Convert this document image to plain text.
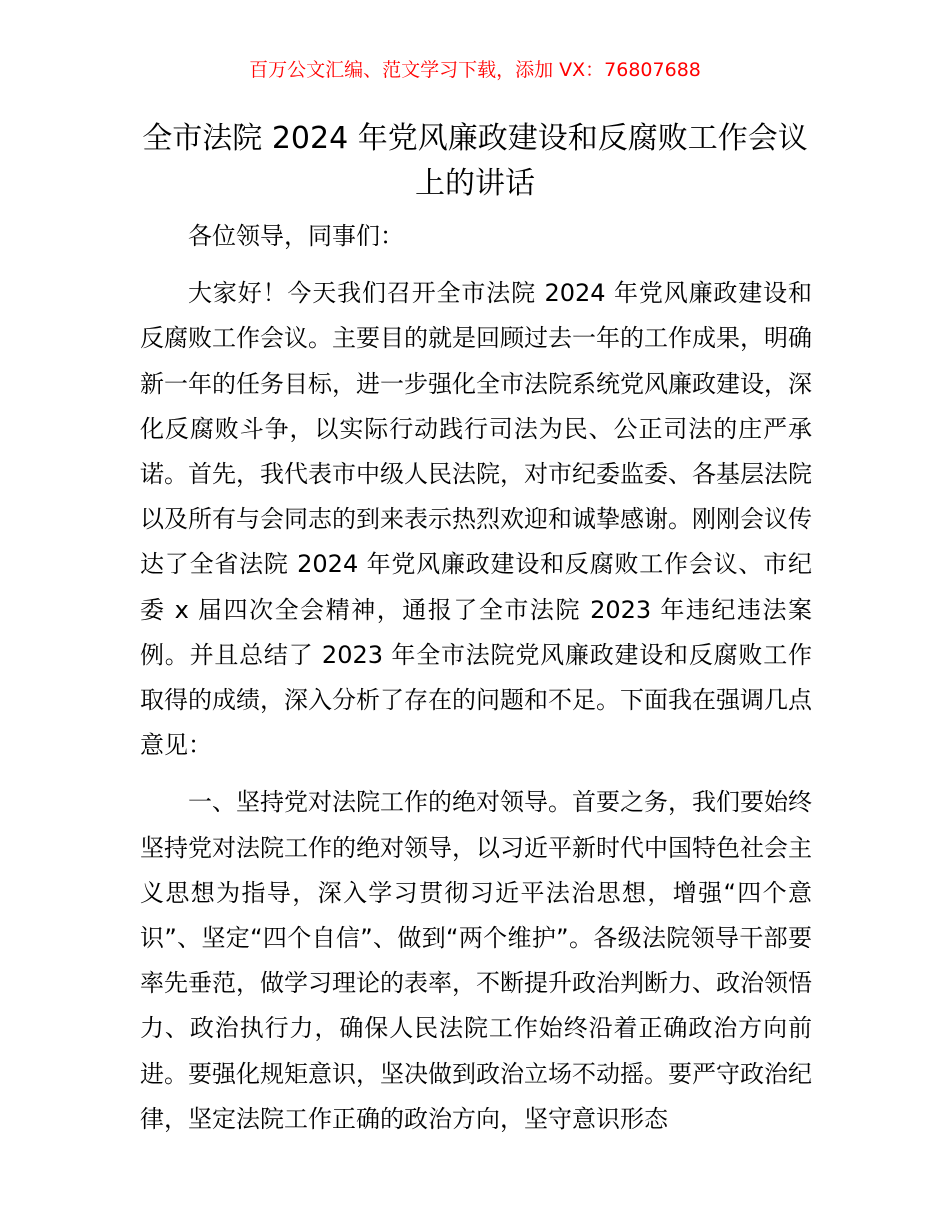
百万公文汇编、范文学习下载，添加 VX：76807688
全市法院 2024 年党风廉政建设和反腐败工作会议上的讲话

各位领导，同事们：

大家好！今天我们召开全市法院 2024 年党风廉政建设和反腐败工作会议。主要目的就是回顾过去一年的工作成果，明确新一年的任务目标，进一步强化全市法院系统党风廉政建设，深化反腐败斗争，以实际行动践行司法为民、公正司法的庄严承诺。首先，我代表市中级人民法院，对市纪委监委、各基层法院以及所有与会同志的到来表示热烈欢迎和诚挚感谢。刚刚会议传达了全省法院 2024 年党风廉政建设和反腐败工作会议、市纪委 x 届四次全会精神，通报了全市法院 2023 年违纪违法案例。并且总结了 2023 年全市法院党风廉政建设和反腐败工作取得的成绩，深入分析了存在的问题和不足。下面我在强调几点意见：

一、坚持党对法院工作的绝对领导。首要之务，我们要始终坚持党对法院工作的绝对领导，以习近平新时代中国特色社会主义思想为指导，深入学习贯彻习近平法治思想，增强“四个意识”、坚定“四个自信”、做到“两个维护”。各级法院领导干部要率先垂范，做学习理论的表率，不断提升政治判断力、政治领悟力、政治执行力，确保人民法院工作始终沿着正确政治方向前进。要强化规矩意识，坚决做到政治立场不动摇。要严守政治纪律，坚定法院工作正确的政治方向，坚守意识形态
